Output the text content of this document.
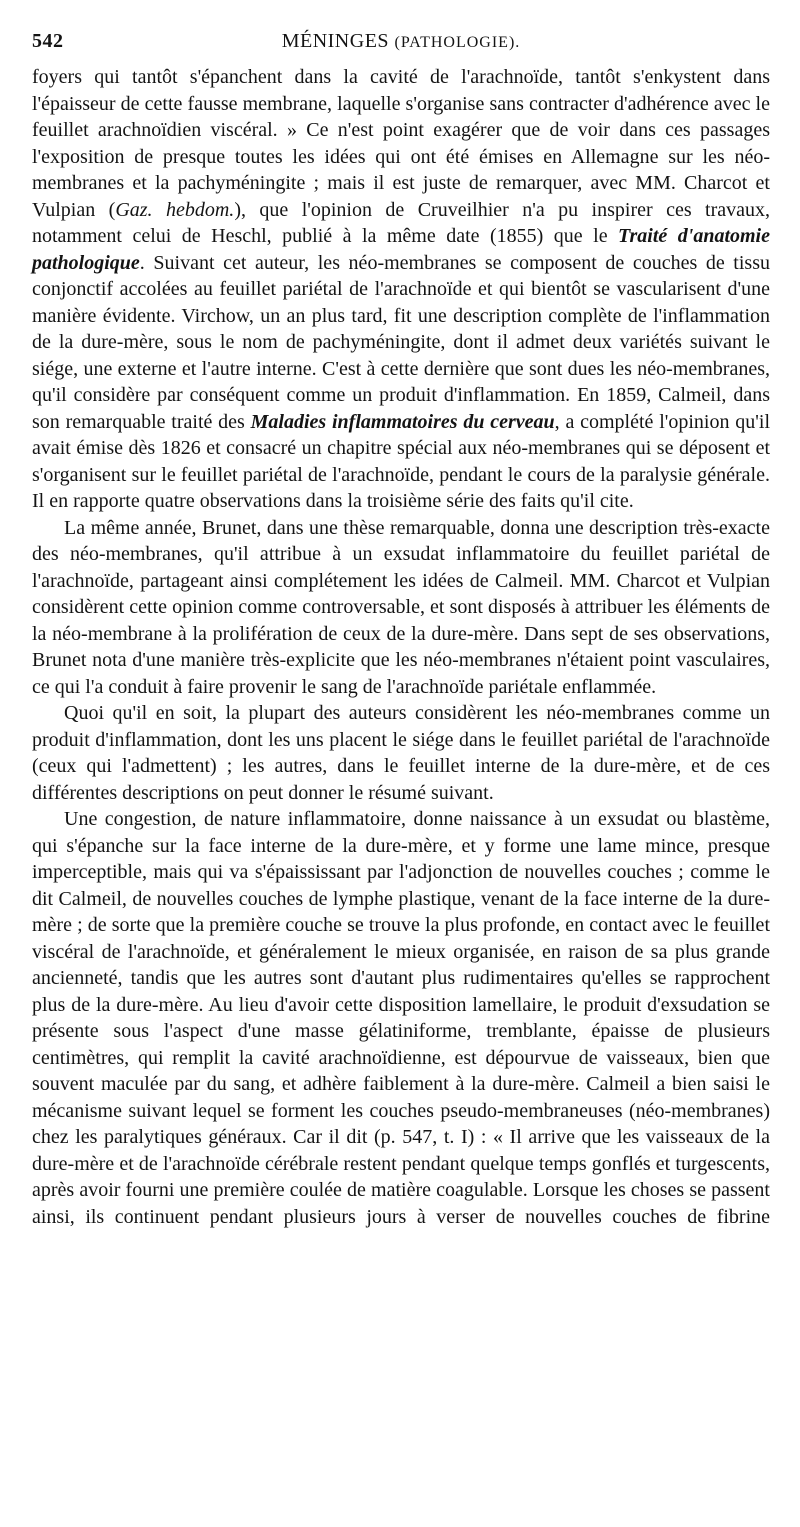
542	MÉNINGES (PATHOLOGIE).

foyers qui tantôt s'épanchent dans la cavité de l'arachnoïde, tantôt s'enkystent dans l'épaisseur de cette fausse membrane, laquelle s'organise sans contracter d'adhérence avec le feuillet arachnoïdien viscéral. » Ce n'est point exagérer que de voir dans ces passages l'exposition de presque toutes les idées qui ont été émises en Allemagne sur les néo-membranes et la pachyméningite ; mais il est juste de remarquer, avec MM. Charcot et Vulpian (Gaz. hebdom.), que l'opinion de Cruveilhier n'a pu inspirer ces travaux, notamment celui de Heschl, publié à la même date (1855) que le Traité d'anatomie pathologique. Suivant cet auteur, les néo-membranes se composent de couches de tissu conjonctif accolées au feuillet pariétal de l'arachnoïde et qui bientôt se vascularisent d'une manière évidente. Virchow, un an plus tard, fit une description complète de l'inflammation de la dure-mère, sous le nom de pachyméningite, dont il admet deux variétés suivant le siége, une externe et l'autre interne. C'est à cette dernière que sont dues les néo-membranes, qu'il considère par conséquent comme un produit d'inflammation. En 1859, Calmeil, dans son remarquable traité des Maladies inflammatoires du cerveau, a complété l'opinion qu'il avait émise dès 1826 et consacré un chapitre spécial aux néo-membranes qui se déposent et s'organisent sur le feuillet pariétal de l'arachnoïde, pendant le cours de la paralysie générale. Il en rapporte quatre observations dans la troisième série des faits qu'il cite.

La même année, Brunet, dans une thèse remarquable, donna une description très-exacte des néo-membranes, qu'il attribue à un exsudat inflammatoire du feuillet pariétal de l'arachnoïde, partageant ainsi complétement les idées de Calmeil. MM. Charcot et Vulpian considèrent cette opinion comme controversable, et sont disposés à attribuer les éléments de la néo-membrane à la prolifération de ceux de la dure-mère. Dans sept de ses observations, Brunet nota d'une manière très-explicite que les néo-membranes n'étaient point vasculaires, ce qui l'a conduit à faire provenir le sang de l'arachnoïde pariétale enflammée.

Quoi qu'il en soit, la plupart des auteurs considèrent les néo-membranes comme un produit d'inflammation, dont les uns placent le siége dans le feuillet pariétal de l'arachnoïde (ceux qui l'admettent) ; les autres, dans le feuillet interne de la dure-mère, et de ces différentes descriptions on peut donner le résumé suivant.

Une congestion, de nature inflammatoire, donne naissance à un exsudat ou blastème, qui s'épanche sur la face interne de la dure-mère, et y forme une lame mince, presque imperceptible, mais qui va s'épaississant par l'adjonction de nouvelles couches ; comme le dit Calmeil, de nouvelles couches de lymphe plastique, venant de la face interne de la dure-mère ; de sorte que la première couche se trouve la plus profonde, en contact avec le feuillet viscéral de l'arachnoïde, et généralement le mieux organisée, en raison de sa plus grande ancienneté, tandis que les autres sont d'autant plus rudimentaires qu'elles se rapprochent plus de la dure-mère. Au lieu d'avoir cette disposition lamellaire, le produit d'exsudation se présente sous l'aspect d'une masse gélatiniforme, tremblante, épaisse de plusieurs centimètres, qui remplit la cavité arachnoïdienne, est dépourvue de vaisseaux, bien que souvent maculée par du sang, et adhère faiblement à la dure-mère. Calmeil a bien saisi le mécanisme suivant lequel se forment les couches pseudo-membraneuses (néo-membranes) chez les paralytiques généraux. Car il dit (p. 547, t. I) : « Il arrive que les vaisseaux de la dure-mère et de l'arachnoïde cérébrale restent pendant quelque temps gonflés et turgescents, après avoir fourni une première coulée de matière coagulable. Lorsque les choses se passent ainsi, ils continuent pendant plusieurs jours à verser de nouvelles couches de fibrine
